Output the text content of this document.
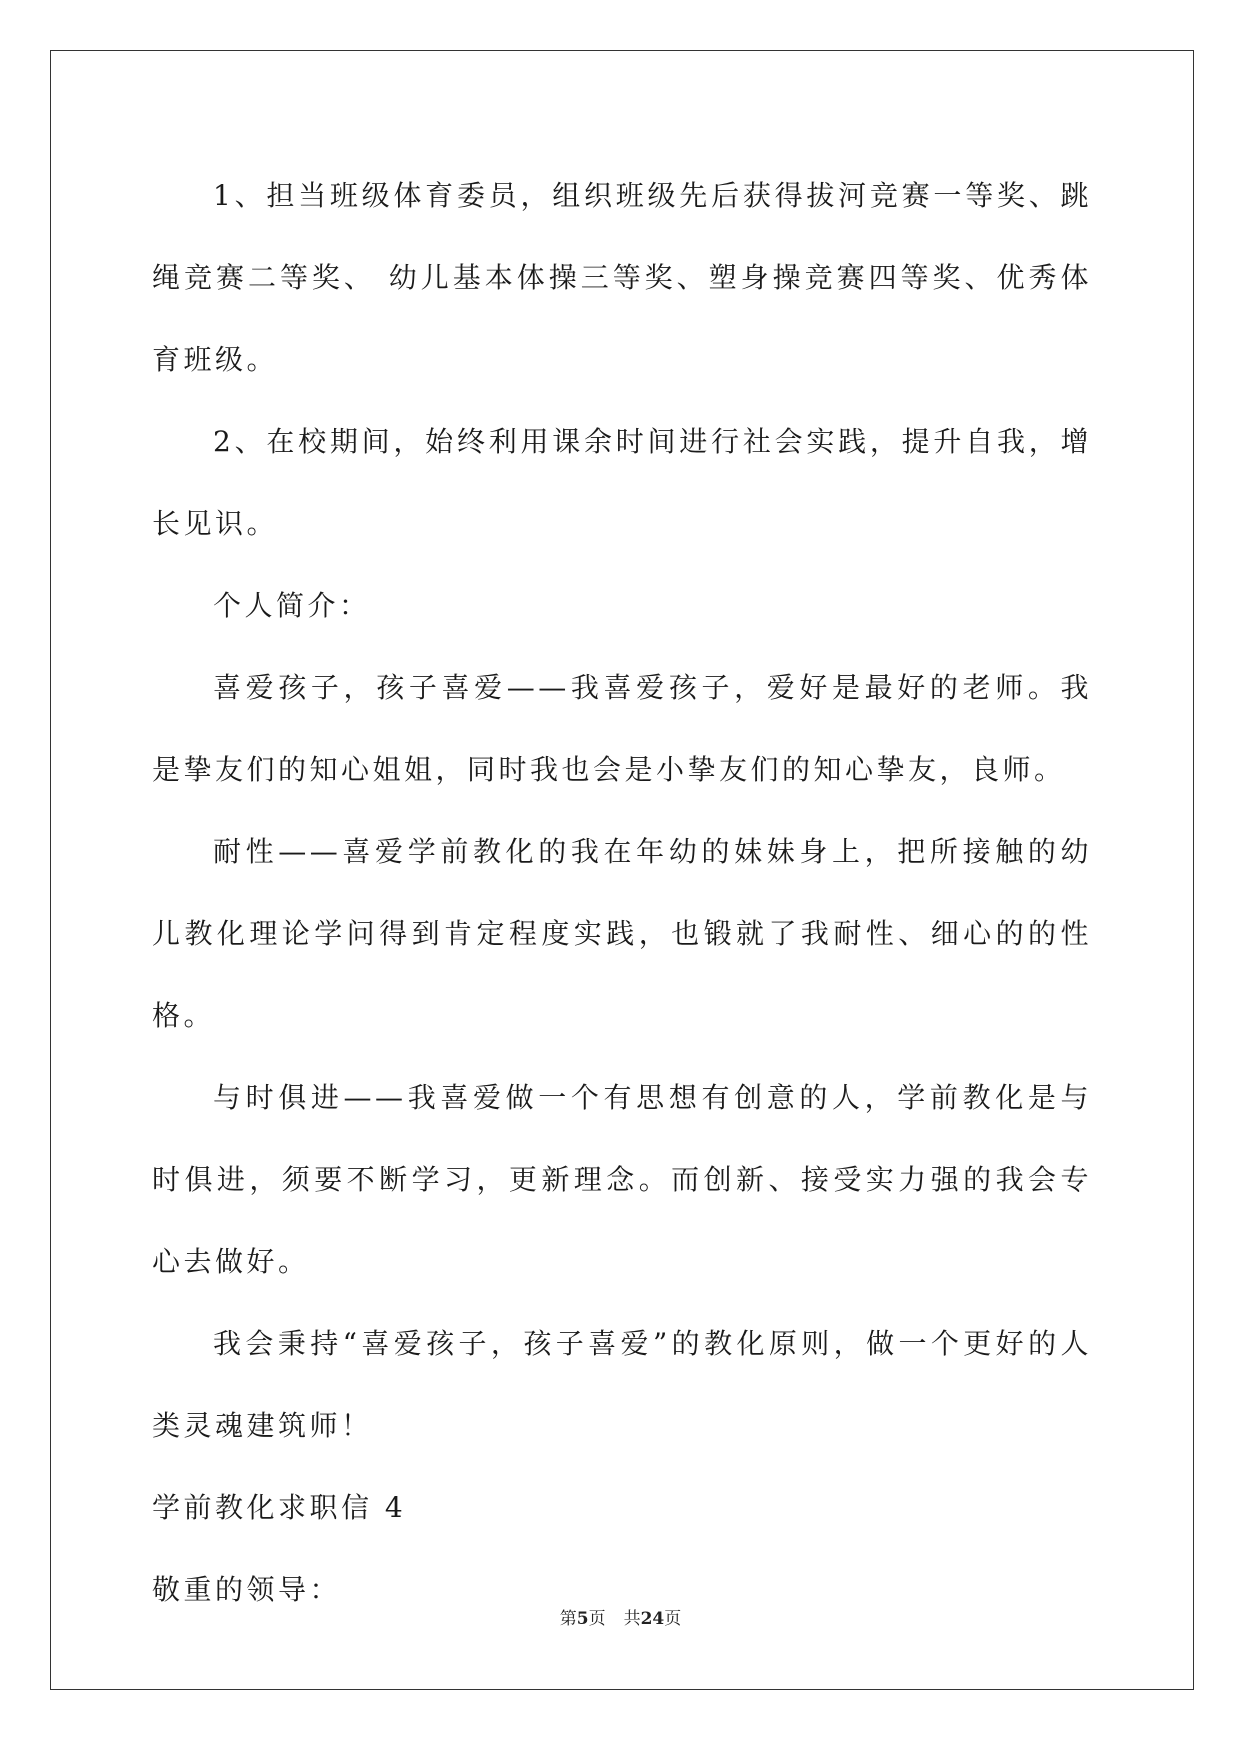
1、担当班级体育委员，组织班级先后获得拔河竞赛一等奖、跳绳竞赛二等奖、 幼儿基本体操三等奖、塑身操竞赛四等奖、优秀体育班级。

2、在校期间，始终利用课余时间进行社会实践，提升自我，增长见识。

个人简介：

喜爱孩子，孩子喜爱——我喜爱孩子，爱好是最好的老师。我是挚友们的知心姐姐，同时我也会是小挚友们的知心挚友，良师。

耐性——喜爱学前教化的我在年幼的妹妹身上，把所接触的幼儿教化理论学问得到肯定程度实践，也锻就了我耐性、细心的的性格。

与时俱进——我喜爱做一个有思想有创意的人，学前教化是与时俱进，须要不断学习，更新理念。而创新、接受实力强的我会专心去做好。

我会秉持“喜爱孩子，孩子喜爱”的教化原则，做一个更好的人类灵魂建筑师！

学前教化求职信 4

敬重的领导：

第5页 共24页
